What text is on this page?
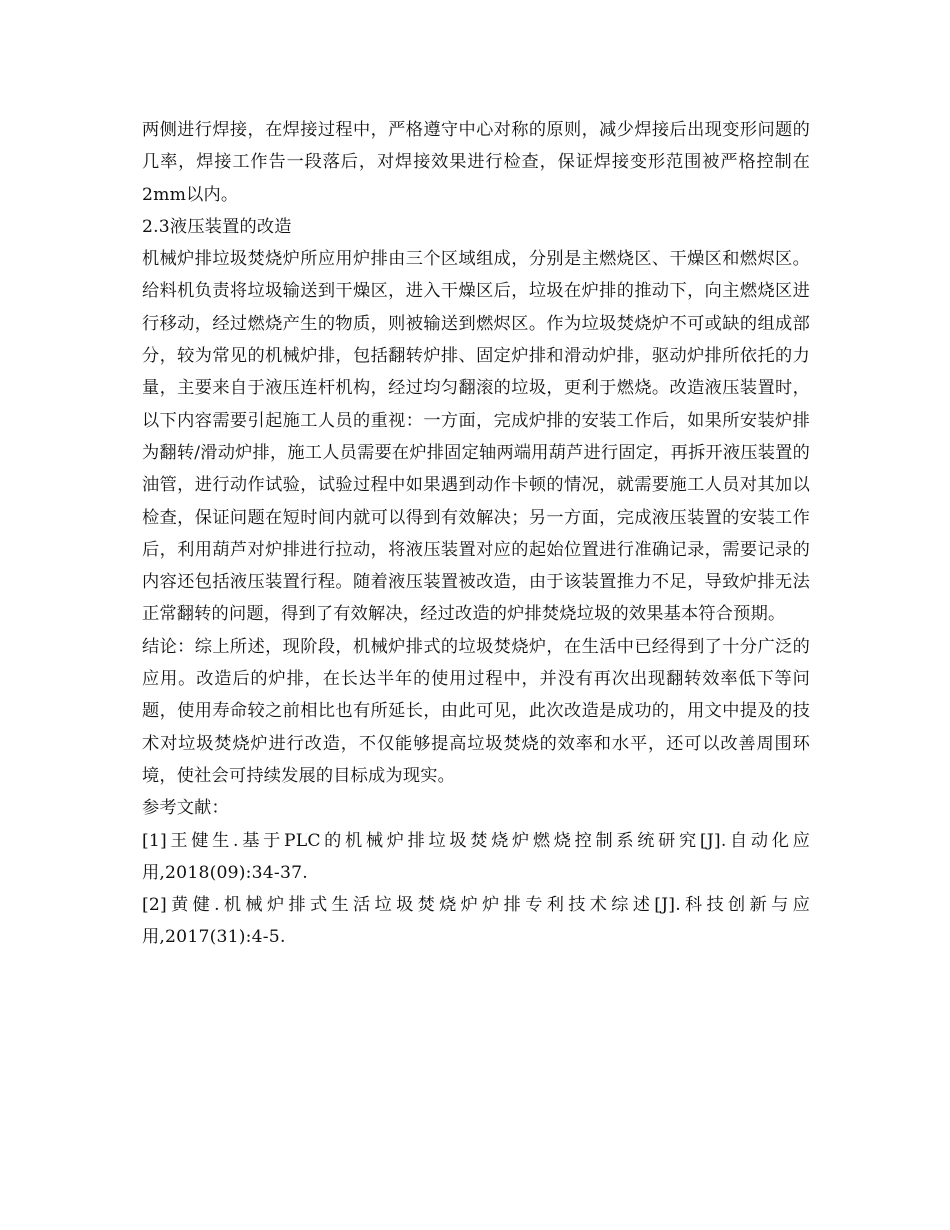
两侧进行焊接，在焊接过程中，严格遵守中心对称的原则，减少焊接后出现变形问题的几率，焊接工作告一段落后，对焊接效果进行检查，保证焊接变形范围被严格控制在2mm以内。

2.3液压装置的改造

机械炉排垃圾焚烧炉所应用炉排由三个区域组成，分别是主燃烧区、干燥区和燃烬区。给料机负责将垃圾输送到干燥区，进入干燥区后，垃圾在炉排的推动下，向主燃烧区进行移动，经过燃烧产生的物质，则被输送到燃烬区。作为垃圾焚烧炉不可或缺的组成部分，较为常见的机械炉排，包括翻转炉排、固定炉排和滑动炉排，驱动炉排所依托的力量，主要来自于液压连杆机构，经过均匀翻滚的垃圾，更利于燃烧。改造液压装置时，以下内容需要引起施工人员的重视：一方面，完成炉排的安装工作后，如果所安装炉排为翻转/滑动炉排，施工人员需要在炉排固定轴两端用葫芦进行固定，再拆开液压装置的油管，进行动作试验，试验过程中如果遇到动作卡顿的情况，就需要施工人员对其加以检查，保证问题在短时间内就可以得到有效解决；另一方面，完成液压装置的安装工作后，利用葫芦对炉排进行拉动，将液压装置对应的起始位置进行准确记录，需要记录的内容还包括液压装置行程。随着液压装置被改造，由于该装置推力不足，导致炉排无法正常翻转的问题，得到了有效解决，经过改造的炉排焚烧垃圾的效果基本符合预期。

结论：综上所述，现阶段，机械炉排式的垃圾焚烧炉，在生活中已经得到了十分广泛的应用。改造后的炉排，在长达半年的使用过程中，并没有再次出现翻转效率低下等问题，使用寿命较之前相比也有所延长，由此可见，此次改造是成功的，用文中提及的技术对垃圾焚烧炉进行改造，不仅能够提高垃圾焚烧的效率和水平，还可以改善周围环境，使社会可持续发展的目标成为现实。

参考文献：

[1]王健生.基于PLC的机械炉排垃圾焚烧炉燃烧控制系统研究[J].自动化应用,2018(09):34-37.

[2]黄健.机械炉排式生活垃圾焚烧炉炉排专利技术综述[J].科技创新与应用,2017(31):4-5.
